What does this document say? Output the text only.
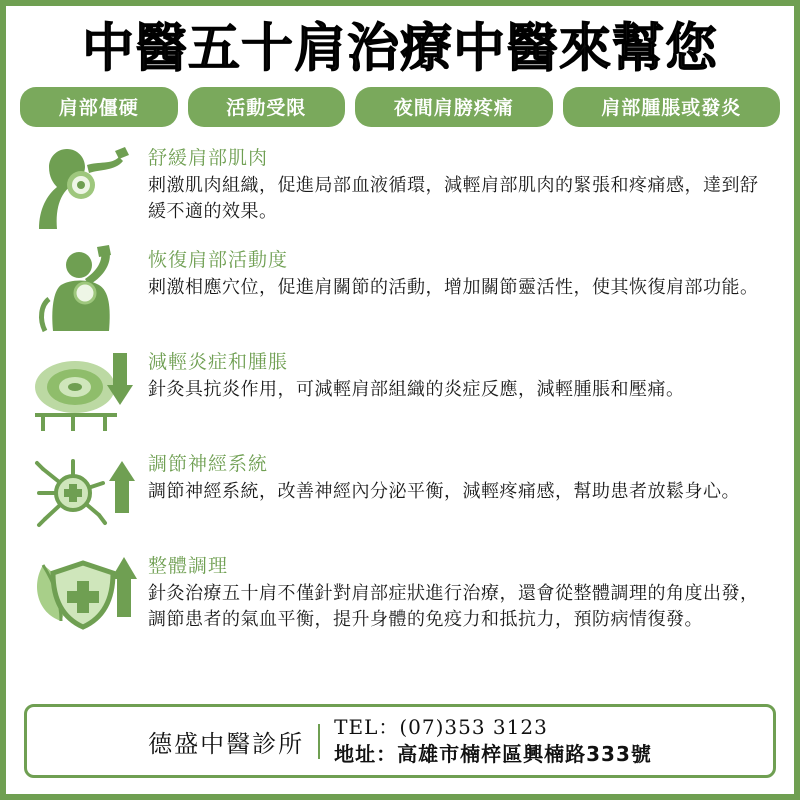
中醫五十肩治療中醫來幫您
肩部僵硬	活動受限	夜間肩膀疼痛	肩部腫脹或發炎
舒緩肩部肌肉
刺激肌肉組織，促進局部血液循環，減輕肩部肌肉的緊張和疼痛感，達到舒緩不適的效果。
恢復肩部活動度
刺激相應穴位，促進肩關節的活動，增加關節靈活性，使其恢復肩部功能。
減輕炎症和腫脹
針灸具抗炎作用，可減輕肩部組織的炎症反應，減輕腫脹和壓痛。
調節神經系統
調節神經系統，改善神經內分泌平衡，減輕疼痛感，幫助患者放鬆身心。
整體調理
針灸治療五十肩不僅針對肩部症狀進行治療，還會從整體調理的角度出發，調節患者的氣血平衡，提升身體的免疫力和抵抗力，預防病情復發。
德盛中醫診所
TEL：(07)353 3123
地址：高雄市楠梓區興楠路333號
